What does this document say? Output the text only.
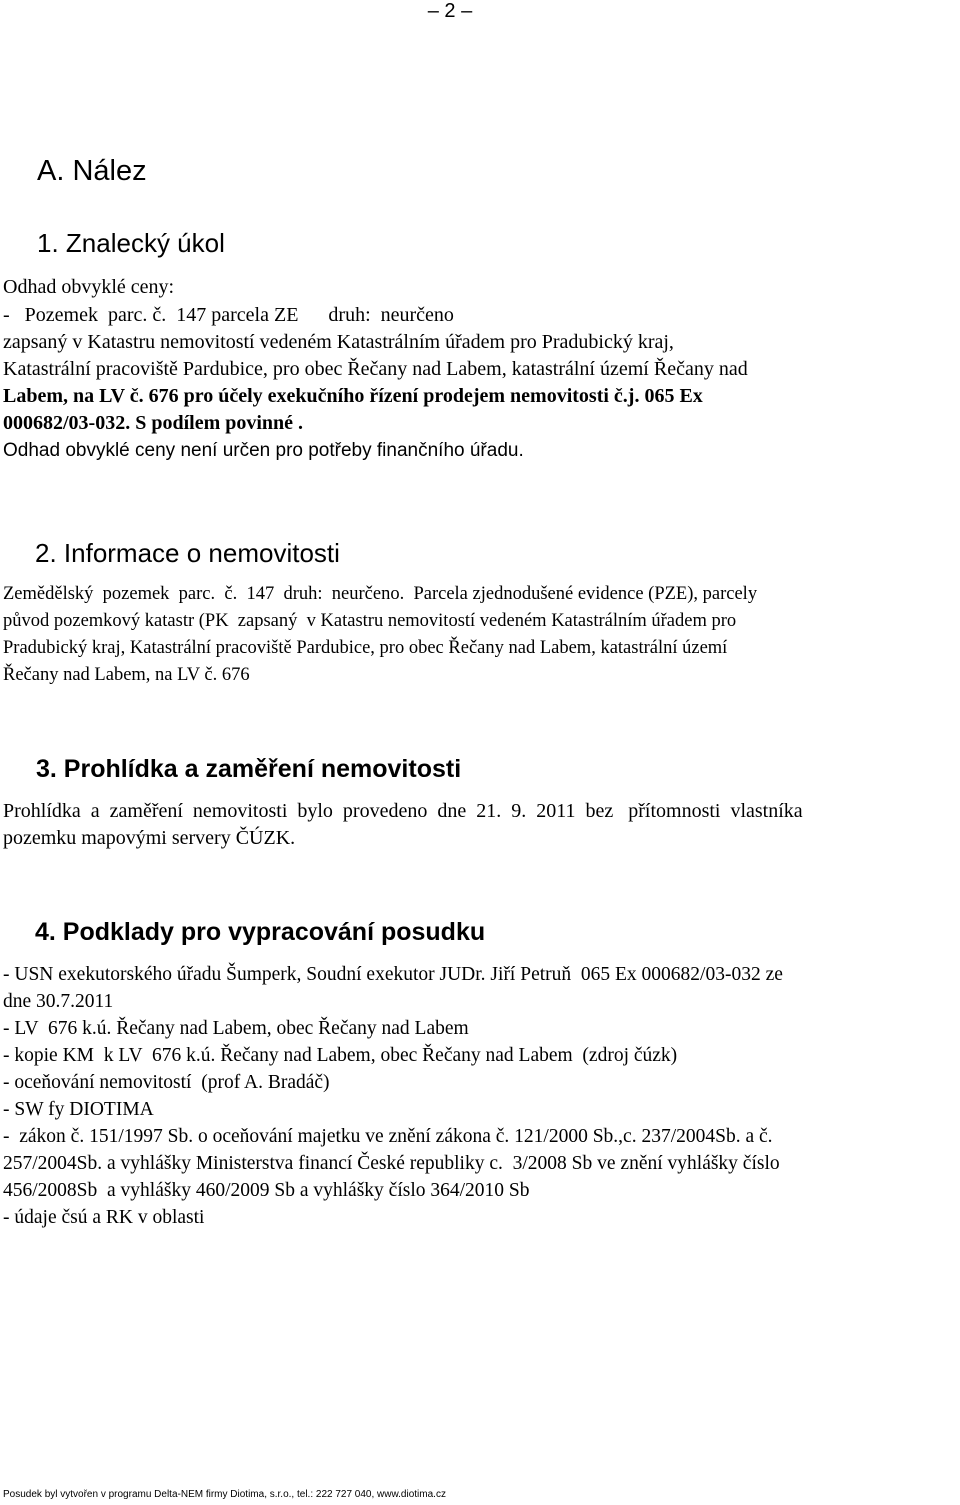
– 2 –
A. Nález
1. Znalecký úkol
Odhad obvyklé ceny:
-   Pozemek  parc. č.  147 parcela ZE      druh:  neurčeno
zapsaný v Katastru nemovitostí vedeném Katastrálním úřadem pro Pradubický kraj,
Katastrální pracoviště Pardubice, pro obec Řečany nad Labem, katastrální území Řečany nad
Labem, na LV č. 676 pro účely exekučního řízení prodejem nemovitosti č.j. 065 Ex
000682/03-032. S podílem povinné .
Odhad obvyklé ceny není určen pro potřeby finančního úřadu.
2. Informace o nemovitosti
Zemědělský  pozemek  parc.  č.  147  druh:  neurčeno.  Parcela zjednodušené evidence (PZE), parcely
původ pozemkový katastr (PK  zapsaný  v Katastru nemovitostí vedeném Katastrálním úřadem pro
Pradubický kraj, Katastrální pracoviště Pardubice, pro obec Řečany nad Labem, katastrální území
Řečany nad Labem, na LV č. 676
3. Prohlídka a zaměření nemovitosti
Prohlídka  a  zaměření  nemovitosti  bylo  provedeno  dne  21.  9.  2011  bez   přítomnosti  vlastníka
pozemku mapovými servery ČÚZK.
4. Podklady pro vypracování posudku
- USN exekutorského úřadu Šumperk, Soudní exekutor JUDr. Jiří Petruň  065 Ex 000682/03-032 ze
dne 30.7.2011
- LV  676 k.ú. Řečany nad Labem, obec Řečany nad Labem
- kopie KM  k LV  676 k.ú. Řečany nad Labem, obec Řečany nad Labem  (zdroj čúzk)
- oceňování nemovitostí  (prof A. Bradáč)
- SW fy DIOTIMA
-  zákon č. 151/1997 Sb. o oceňování majetku ve znění zákona č. 121/2000 Sb.,c. 237/2004Sb. a č.
257/2004Sb. a vyhlášky Ministerstva financí České republiky c.  3/2008 Sb ve znění vyhlášky číslo
456/2008Sb  a vyhlášky 460/2009 Sb a vyhlášky číslo 364/2010 Sb
- údaje čsú a RK v oblasti
Posudek byl vytvořen v programu Delta-NEM firmy Diotima, s.r.o., tel.: 222 727 040, www.diotima.cz
